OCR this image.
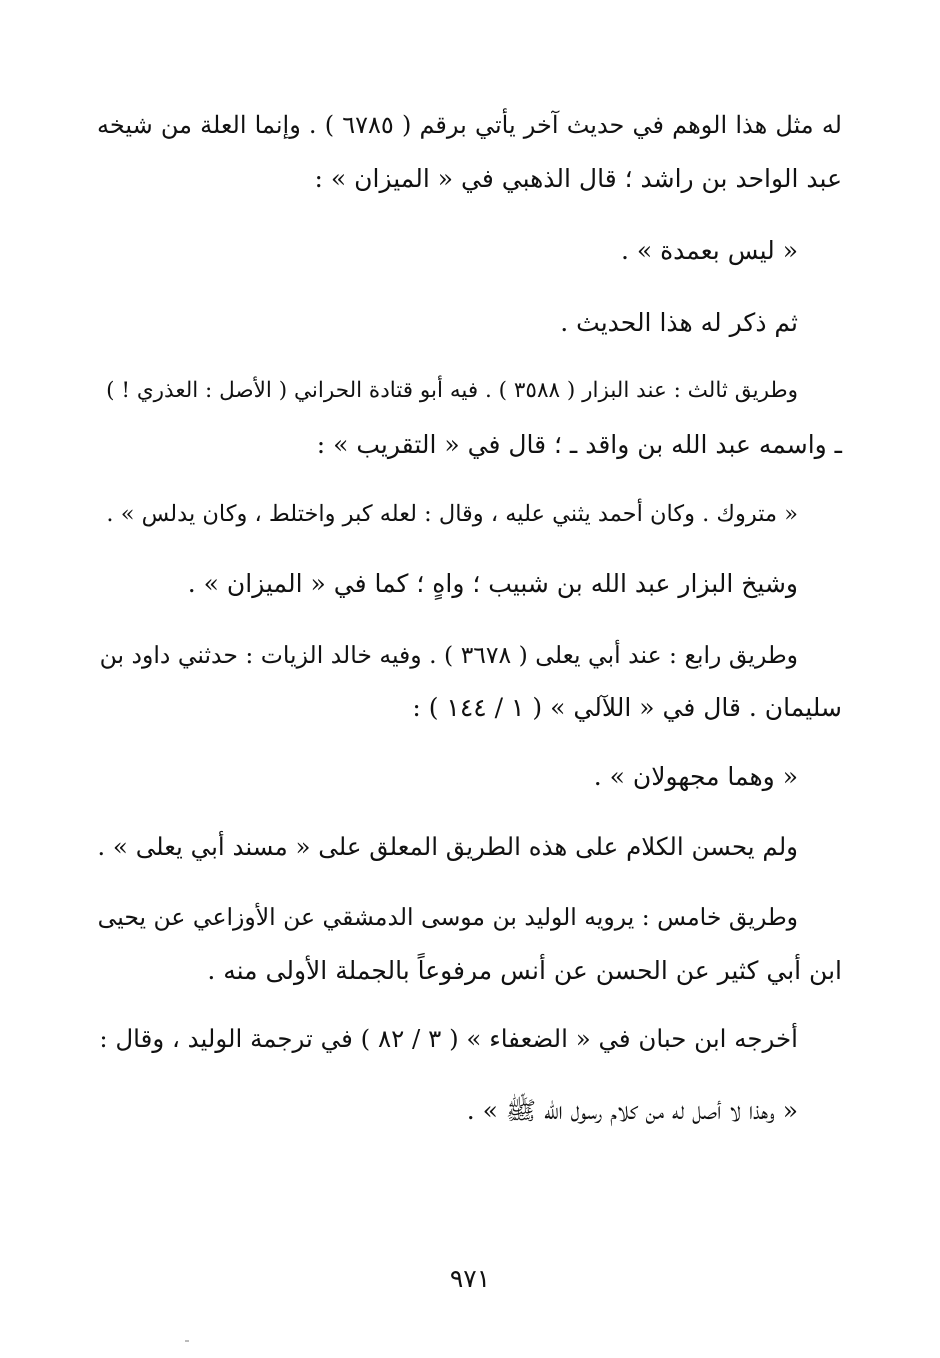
له مثل هذا الوهم في حديث آخر يأتي برقم ( ٦٧٨٥ ) . وإنما العلة من شيخه
عبد الواحد بن راشد ؛ قال الذهبي في « الميزان » :
« ليس بعمدة » .
ثم ذكر له هذا الحديث .
وطريق ثالث : عند البزار ( ٣٥٨٨ ) . فيه أبو قتادة الحراني ( الأصل : العذري ! )
ـ واسمه عبد الله بن واقد ـ ؛ قال في « التقريب » :
« متروك . وكان أحمد يثني عليه ، وقال : لعله كبر واختلط ، وكان يدلس » .
وشيخ البزار عبد الله بن شبيب ؛ واهٍ ؛ كما في « الميزان » .
وطريق رابع : عند أبي يعلى ( ٣٦٧٨ ) . وفيه خالد الزيات : حدثني داود بن
سليمان . قال في « اللآلي » ( ١ / ١٤٤ ) :
« وهما مجهولان » .
ولم يحسن الكلام على هذه الطريق المعلق على « مسند أبي يعلى » .
وطريق خامس : يرويه الوليد بن موسى الدمشقي عن الأوزاعي عن يحيى
ابن أبي كثير عن الحسن عن أنس مرفوعاً بالجملة الأولى منه .
أخرجه ابن حبان في « الضعفاء » ( ٣ / ٨٢ ) في ترجمة الوليد ، وقال :
« وهذا لا أصل له من كلام رسول الله ﷺ » .
٩٧١
